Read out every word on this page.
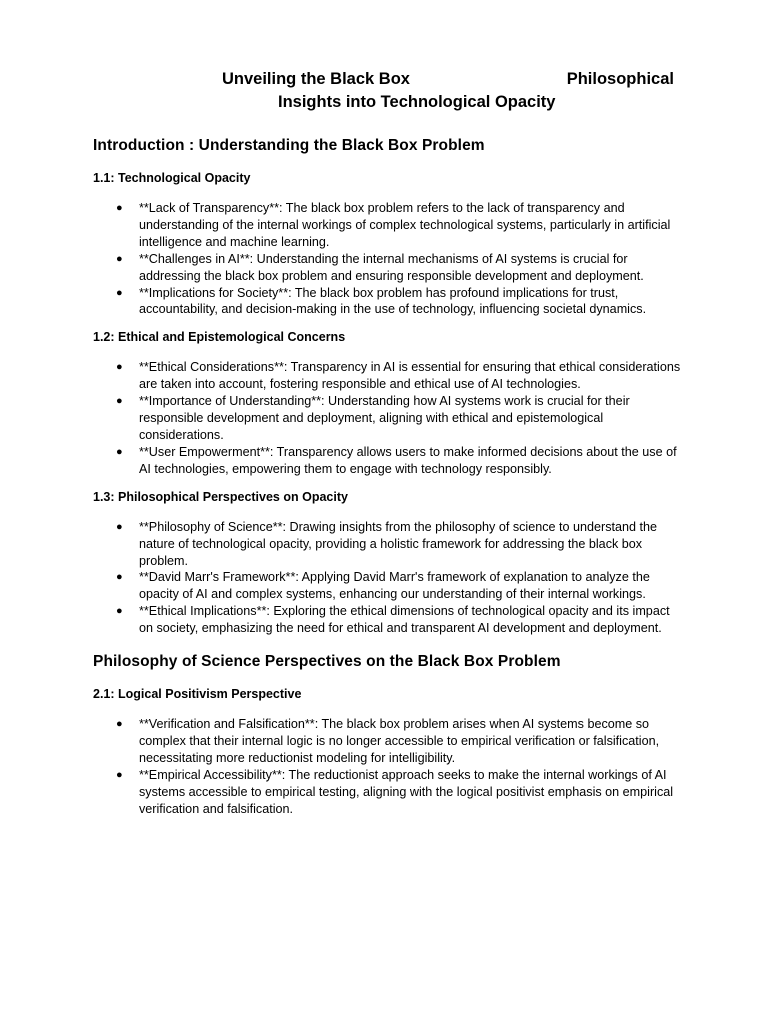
Unveiling the Black Box	Philosophical
Insights into Technological Opacity
Introduction : Understanding the Black Box Problem
1.1: Technological Opacity
● **Lack of Transparency**: The black box problem refers to the lack of transparency and understanding of the internal workings of complex technological systems, particularly in artificial intelligence and machine learning.
● **Challenges in AI**: Understanding the internal mechanisms of AI systems is crucial for addressing the black box problem and ensuring responsible development and deployment.
● **Implications for Society**: The black box problem has profound implications for trust, accountability, and decision-making in the use of technology, influencing societal dynamics.
1.2: Ethical and Epistemological Concerns
● **Ethical Considerations**: Transparency in AI is essential for ensuring that ethical considerations are taken into account, fostering responsible and ethical use of AI technologies.
● **Importance of Understanding**: Understanding how AI systems work is crucial for their responsible development and deployment, aligning with ethical and epistemological considerations.
● **User Empowerment**: Transparency allows users to make informed decisions about the use of AI technologies, empowering them to engage with technology responsibly.
1.3: Philosophical Perspectives on Opacity
● **Philosophy of Science**: Drawing insights from the philosophy of science to understand the nature of technological opacity, providing a holistic framework for addressing the black box problem.
● **David Marr's Framework**: Applying David Marr's framework of explanation to analyze the opacity of AI and complex systems, enhancing our understanding of their internal workings.
● **Ethical Implications**: Exploring the ethical dimensions of technological opacity and its impact on society, emphasizing the need for ethical and transparent AI development and deployment.
Philosophy of Science Perspectives on the Black Box Problem
2.1: Logical Positivism Perspective
● **Verification and Falsification**: The black box problem arises when AI systems become so complex that their internal logic is no longer accessible to empirical verification or falsification, necessitating more reductionist modeling for intelligibility.
● **Empirical Accessibility**: The reductionist approach seeks to make the internal workings of AI systems accessible to empirical testing, aligning with the logical positivist emphasis on empirical verification and falsification.
